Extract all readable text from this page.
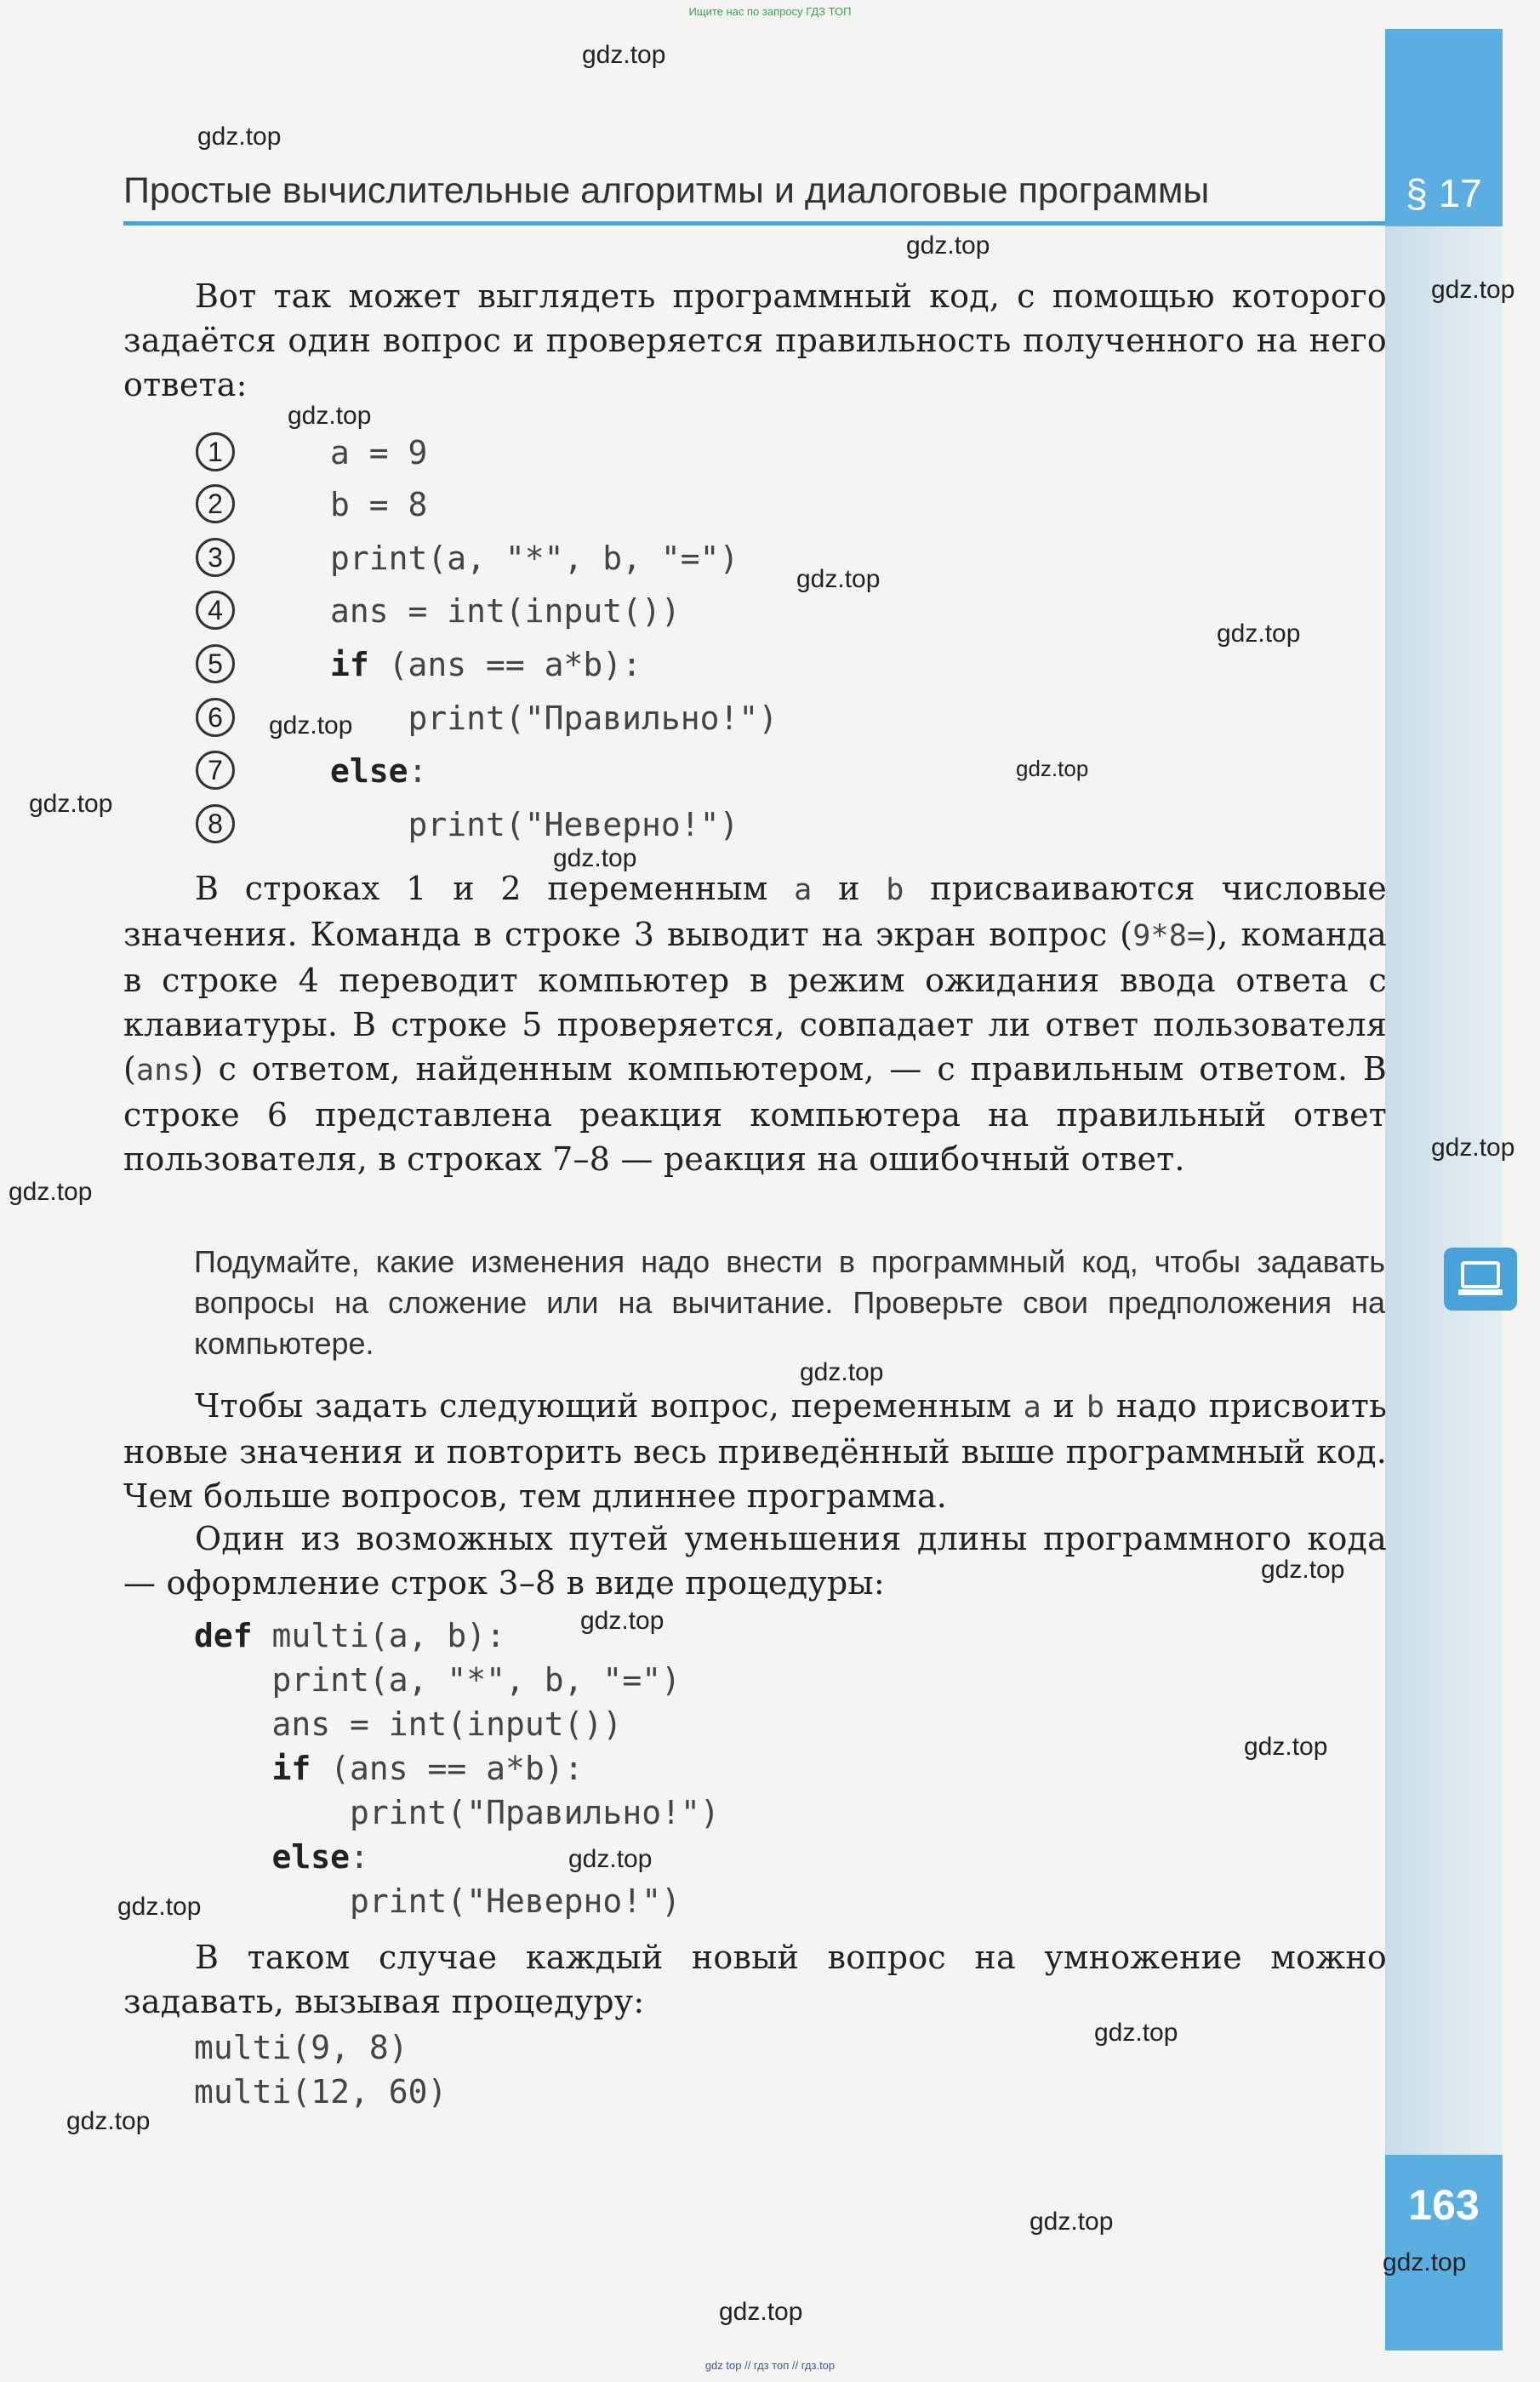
Ищите нас по запросу ГДЗ ТОП
§ 17
163
Простые вычислительные алгоритмы и диалоговые программы
Вот так может выглядеть программный код, с помощью которого задаётся один вопрос и проверяется правильность полученного на него ответа:

1

	a = 9

2

	b = 8

3

	print(a, "*", b, "=")

4

	ans = int(input())

5

	if (ans == a*b):

6

	print("Правильно!")

7

	else:

8

	print("Неверно!")

В строках 1 и 2 переменным a и b присваиваются числовые значения. Команда в строке 3 выводит на экран вопрос (9*8=), команда в строке 4 переводит компьютер в режим ожидания ввода ответа с клавиатуры. В строке 5 проверяется, совпадает ли ответ пользователя (ans) с ответом, найденным компьютером, — с правильным ответом. В строке 6 представлена реакция компьютера на правильный ответ пользователя, в строках 7–8 — реакция на ошибочный ответ.
Подумайте, какие изменения надо внести в программный код, чтобы задавать вопросы на сложение или на вычитание. Проверьте свои предположения на компьютере.
Чтобы задать следующий вопрос, переменным a и b надо присвоить новые значения и повторить весь приведённый выше программный код. Чем больше вопросов, тем длиннее программа.
Один из возможных путей уменьшения длины программного кода — оформление строк 3–8 в виде процедуры:
def multi(a, b):
print(a, "*", b, "=")
ans = int(input())
if (ans == a*b):
print("Правильно!")
else:
print("Неверно!")
В таком случае каждый новый вопрос на умножение можно задавать, вызывая процедуру:
multi(9, 8)
multi(12, 60)
gdz top // гдз топ // гдз.top
gdz.top
gdz.top
gdz.top
gdz.top
gdz.top
gdz.top
gdz.top
gdz.top
gdz.top
gdz.top
gdz.top
gdz.top
gdz.top
gdz.top
gdz.top
gdz.top
gdz.top
gdz.top
gdz.top
gdz.top
gdz.top
gdz.top
gdz.top
gdz.top
